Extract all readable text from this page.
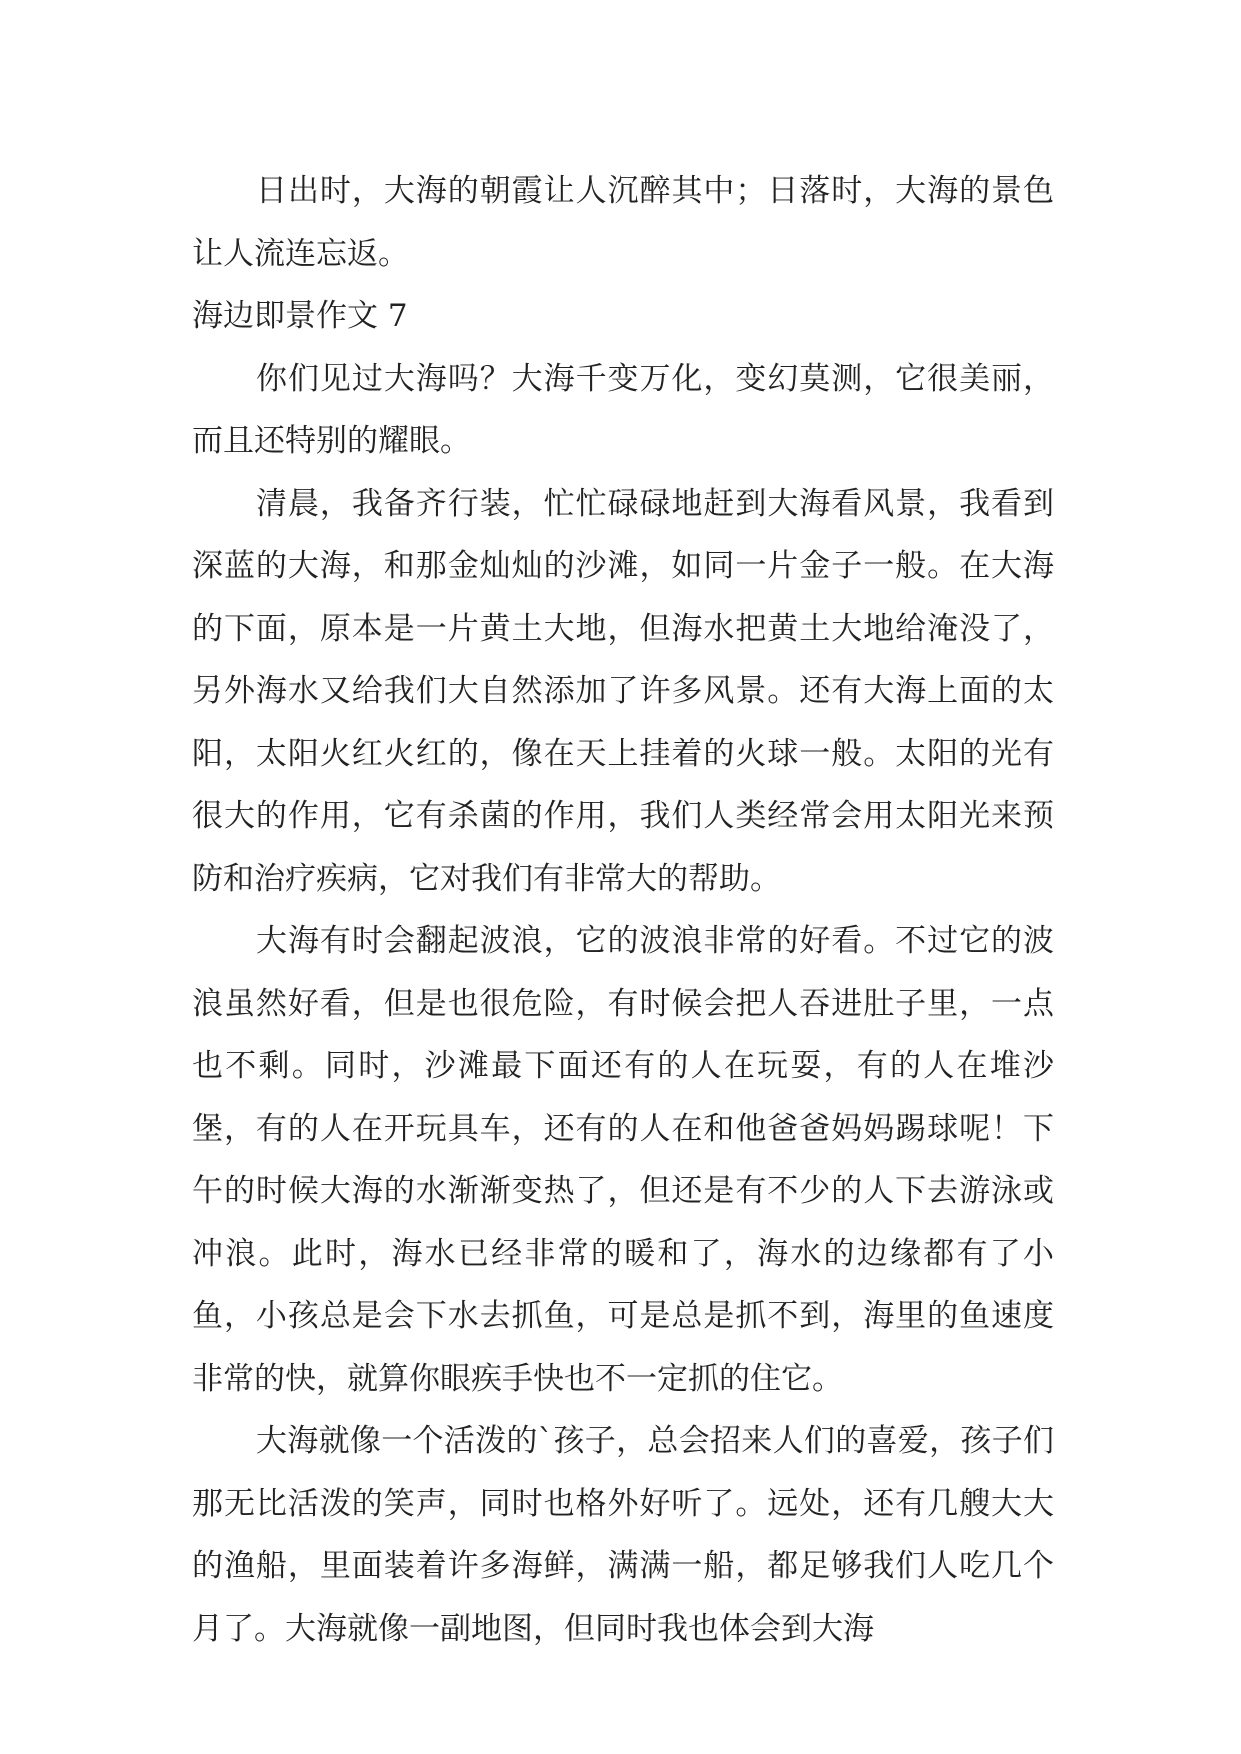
日出时，大海的朝霞让人沉醉其中；日落时，大海的景色让人流连忘返。

海边即景作文 7

你们见过大海吗？大海千变万化，变幻莫测，它很美丽，而且还特别的耀眼。

清晨，我备齐行装，忙忙碌碌地赶到大海看风景，我看到深蓝的大海，和那金灿灿的沙滩，如同一片金子一般。在大海的下面，原本是一片黄土大地，但海水把黄土大地给淹没了，另外海水又给我们大自然添加了许多风景。还有大海上面的太阳，太阳火红火红的，像在天上挂着的火球一般。太阳的光有很大的作用，它有杀菌的作用，我们人类经常会用太阳光来预防和治疗疾病，它对我们有非常大的帮助。

大海有时会翻起波浪，它的波浪非常的好看。不过它的波浪虽然好看，但是也很危险，有时候会把人吞进肚子里，一点也不剩。同时，沙滩最下面还有的人在玩耍，有的人在堆沙堡，有的人在开玩具车，还有的人在和他爸爸妈妈踢球呢！下午的时候大海的水渐渐变热了，但还是有不少的人下去游泳或冲浪。此时，海水已经非常的暖和了，海水的边缘都有了小鱼，小孩总是会下水去抓鱼，可是总是抓不到，海里的鱼速度非常的快，就算你眼疾手快也不一定抓的住它。

大海就像一个活泼的`孩子，总会招来人们的喜爱，孩子们那无比活泼的笑声，同时也格外好听了。远处，还有几艘大大的渔船，里面装着许多海鲜，满满一船，都足够我们人吃几个月了。大海就像一副地图，但同时我也体会到大海
